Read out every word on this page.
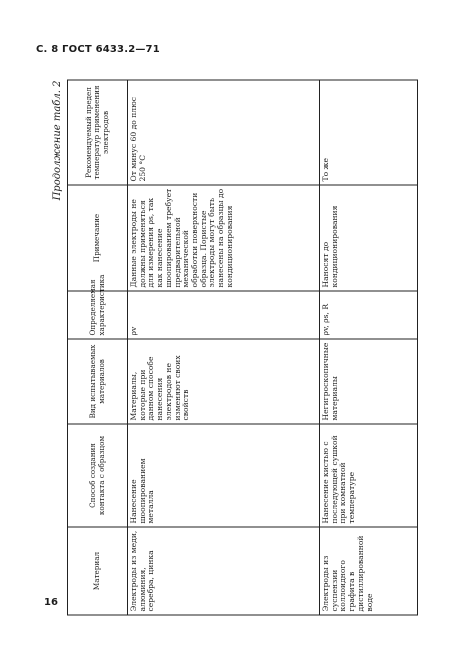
С. 8 ГОСТ 6433.2—71
Продолжение табл. 2
Материал	Способ создания контакта с образцом	Вид испытываемых материалов	Определяемая характеристика	Примечание	Рекомендуемый предел температур применения электродов
Электроды из меди, алюминия, серебра, цинка	Нанесение шоопированием металла	Материалы, которые при данном способе нанесения электродов не изменяют своих свойств	ρv	Данные электроды не должны применяться для измерения ρs, так как нанесение шоопированием требует предварительной механической обработки поверхности образца. Пористые электроды могут быть нанесены на образцы до кондиционирования	От минус 60 до плюс 250 °С
Электроды из суспензии коллоидного графита в дистиллированной воде	Нанесение кистью с последующей сушкой при комнатной температуре	Негигроскопичные материалы	ρv, ρs, R	Наносят до кондиционирования	То же
16
